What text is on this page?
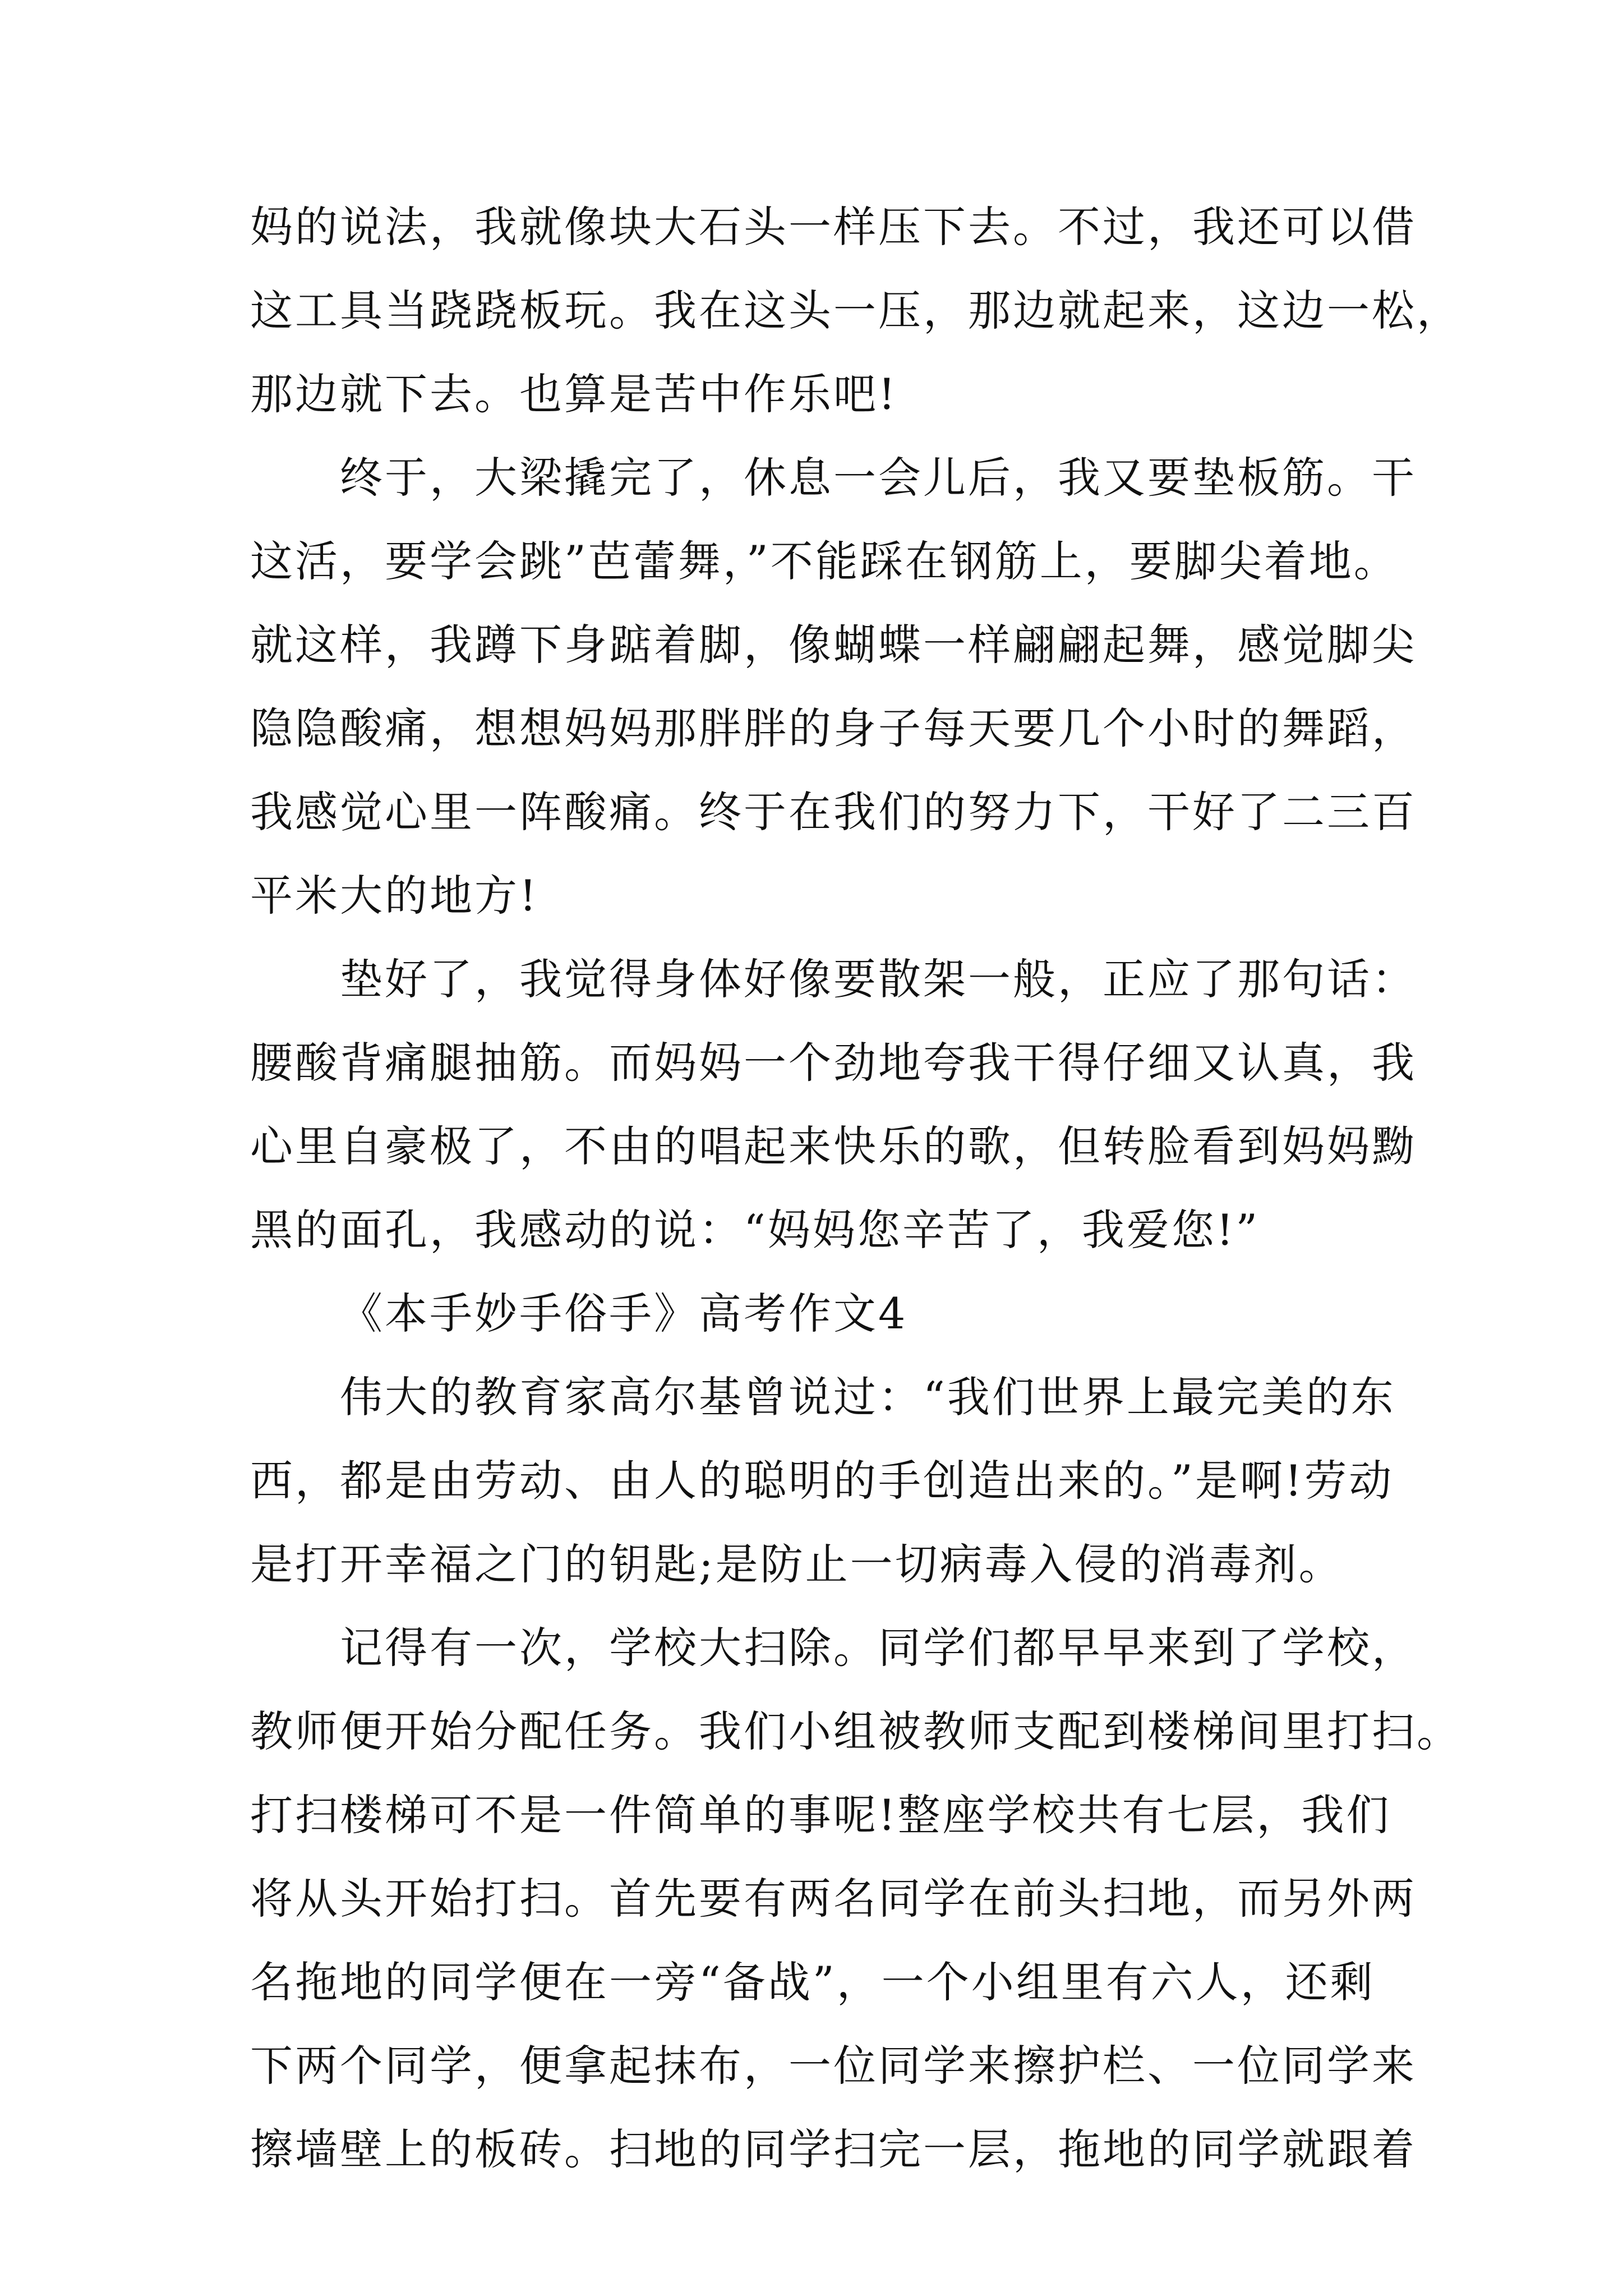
妈的说法，我就像块大石头一样压下去。不过，我还可以借
这工具当跷跷板玩。我在这头一压，那边就起来，这边一松，
那边就下去。也算是苦中作乐吧!
终于，大梁撬完了，休息一会儿后，我又要垫板筋。干
这活，要学会跳”芭蕾舞，”不能踩在钢筋上，要脚尖着地。
就这样，我蹲下身踮着脚，像蝴蝶一样翩翩起舞，感觉脚尖
隐隐酸痛，想想妈妈那胖胖的身子每天要几个小时的舞蹈，
我感觉心里一阵酸痛。终于在我们的努力下，干好了二三百
平米大的地方!
垫好了，我觉得身体好像要散架一般，正应了那句话：
腰酸背痛腿抽筋。而妈妈一个劲地夸我干得仔细又认真，我
心里自豪极了，不由的唱起来快乐的歌，但转脸看到妈妈黝
黑的面孔，我感动的说：“妈妈您辛苦了，我爱您!”
《本手妙手俗手》高考作文4
伟大的教育家高尔基曾说过：“我们世界上最完美的东
西，都是由劳动、由人的聪明的手创造出来的。”是啊!劳动
是打开幸福之门的钥匙;是防止一切病毒入侵的消毒剂。
记得有一次，学校大扫除。同学们都早早来到了学校，
教师便开始分配任务。我们小组被教师支配到楼梯间里打扫。
打扫楼梯可不是一件简单的事呢!整座学校共有七层，我们
将从头开始打扫。首先要有两名同学在前头扫地，而另外两
名拖地的同学便在一旁“备战”，一个小组里有六人，还剩
下两个同学，便拿起抹布，一位同学来擦护栏、一位同学来
擦墙壁上的板砖。扫地的同学扫完一层，拖地的同学就跟着
